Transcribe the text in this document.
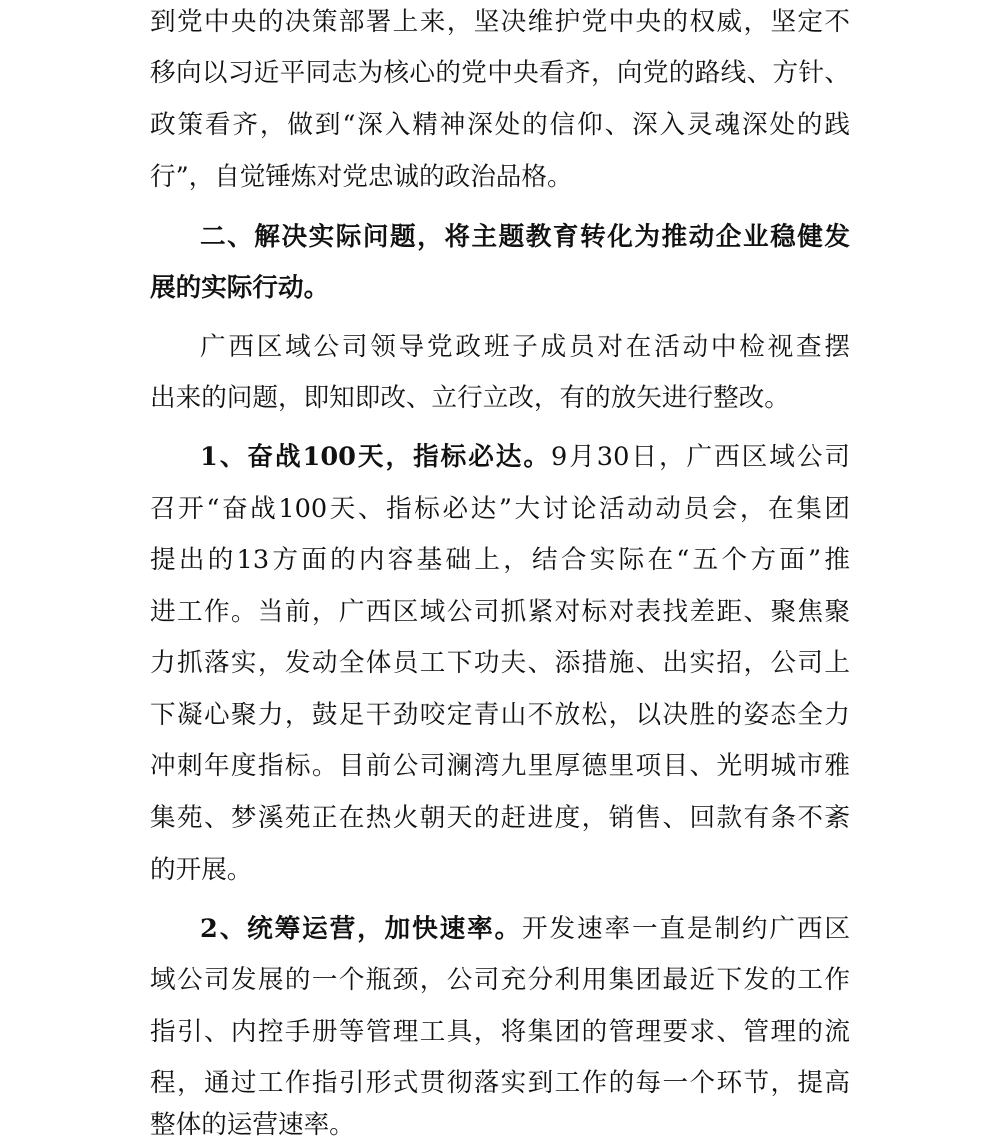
到党中央的决策部署上来，坚决维护党中央的权威，坚定不
移向以习近平同志为核心的党中央看齐，向党的路线、方针、
政策看齐，做到“深入精神深处的信仰、深入灵魂深处的践
行”，自觉锤炼对党忠诚的政治品格。
二、解决实际问题，将主题教育转化为推动企业稳健发
展的实际行动。
广西区域公司领导党政班子成员对在活动中检视查摆
出来的问题，即知即改、立行立改，有的放矢进行整改。
1、奋战100天，指标必达。9月30日，广西区域公司
召开“奋战100天、指标必达”大讨论活动动员会，在集团
提出的13方面的内容基础上，结合实际在“五个方面”推
进工作。当前，广西区域公司抓紧对标对表找差距、聚焦聚
力抓落实，发动全体员工下功夫、添措施、出实招，公司上
下凝心聚力，鼓足干劲咬定青山不放松，以决胜的姿态全力
冲刺年度指标。目前公司澜湾九里厚德里项目、光明城市雅
集苑、梦溪苑正在热火朝天的赶进度，销售、回款有条不紊
的开展。
2、统筹运营，加快速率。开发速率一直是制约广西区
域公司发展的一个瓶颈，公司充分利用集团最近下发的工作
指引、内控手册等管理工具，将集团的管理要求、管理的流
程，通过工作指引形式贯彻落实到工作的每一个环节，提高
整体的运营速率。
